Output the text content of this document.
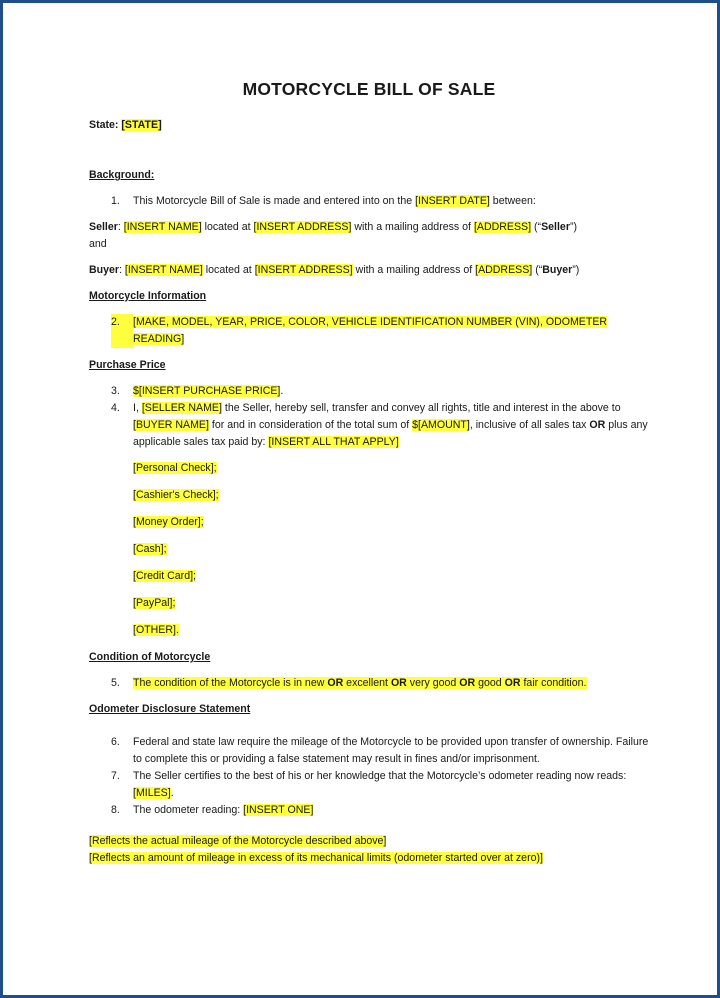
MOTORCYCLE BILL OF SALE
State: [STATE]
Background:
1.	This Motorcycle Bill of Sale is made and entered into on the [INSERT DATE] between:
Seller: [INSERT NAME] located at [INSERT ADDRESS] with a mailing address of [ADDRESS] (“Seller”)
and
Buyer: [INSERT NAME] located at [INSERT ADDRESS] with a mailing address of [ADDRESS] (“Buyer”)
Motorcycle Information
2.	[MAKE, MODEL, YEAR, PRICE, COLOR, VEHICLE IDENTIFICATION NUMBER (VIN), ODOMETER READING]
Purchase Price
3.	$[INSERT PURCHASE PRICE].
4.	I, [SELLER NAME] the Seller, hereby sell, transfer and convey all rights, title and interest in the above to [BUYER NAME] for and in consideration of the total sum of $[AMOUNT], inclusive of all sales tax OR plus any applicable sales tax paid by: [INSERT ALL THAT APPLY]
[Personal Check];
[Cashier's Check];
[Money Order];
[Cash];
[Credit Card];
[PayPal];
[OTHER].
Condition of Motorcycle
5.	The condition of the Motorcycle is in new OR excellent OR very good OR good OR fair condition.
Odometer Disclosure Statement
6.	Federal and state law require the mileage of the Motorcycle to be provided upon transfer of ownership. Failure to complete this or providing a false statement may result in fines and/or imprisonment.
7.	The Seller certifies to the best of his or her knowledge that the Motorcycle’s odometer reading now reads: [MILES].
8.	The odometer reading: [INSERT ONE]
[Reflects the actual mileage of the Motorcycle described above]
[Reflects an amount of mileage in excess of its mechanical limits (odometer started over at zero)]
